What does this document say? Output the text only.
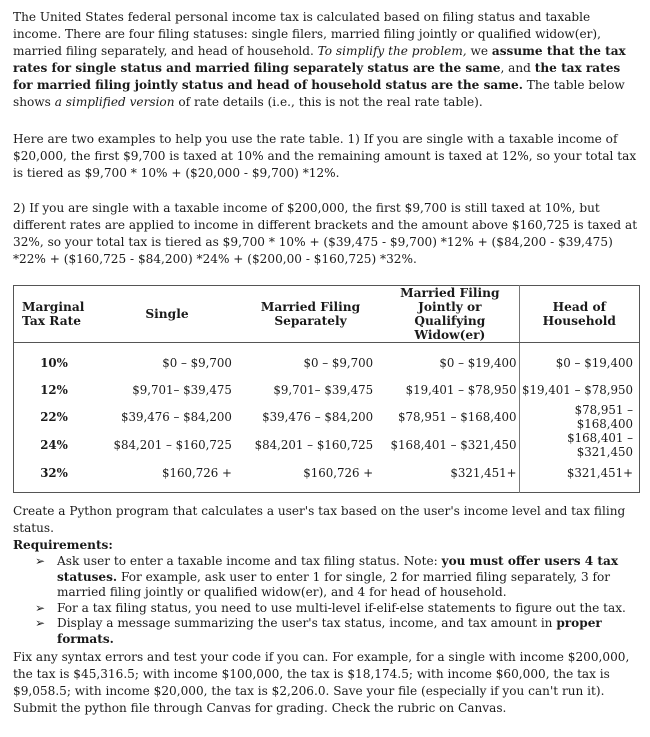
The United States federal personal income tax is calculated based on filing status and taxable income. There are four filing statuses: single filers, married filing jointly or qualified widow(er), married filing separately, and head of household. To simplify the problem, we assume that the tax rates for single status and married filing separately status are the same, and the tax rates for married filing jointly status and head of household status are the same. The table below shows a simplified version of rate details (i.e., this is not the real rate table).

Here are two examples to help you use the rate table. 1) If you are single with a taxable income of $20,000, the first $9,700 is taxed at 10% and the remaining amount is taxed at 12%, so your total tax is tiered as $9,700 * 10% + ($20,000 - $9,700) *12%.

2) If you are single with a taxable income of $200,000, the first $9,700 is still taxed at 10%, but different rates are applied to income in different brackets and the amount above $160,725 is taxed at 32%, so your total tax is tiered as $9,700 * 10% + ($39,475 - $9,700) *12% + ($84,200 - $39,475) *22% + ($160,725 - $84,200) *24% + ($200,00 - $160,725) *32%.

Marginal Tax Rate	Single	Married Filing Separately	Married Filing Jointly or Qualifying Widow(er)	Head of Household

10%	$0 – $9,700	$0 – $9,700	$0 – $19,400	$0 – $19,400
12%	$9,701– $39,475	$9,701– $39,475	$19,401 – $78,950	$19,401 – $78,950
22%	$39,476 – $84,200	$39,476 – $84,200	$78,951 – $168,400	$78,951 – $168,400
24%	$84,201 – $160,725	$84,201 – $160,725	$168,401 – $321,450	$168,401 – $321,450
32%	$160,726 +	$160,726 +	$321,451+	$321,451+

Create a Python program that calculates a user's tax based on the user's income level and tax filing status.

Requirements:

➢ Ask user to enter a taxable income and tax filing status. Note: you must offer users 4 tax statuses. For example, ask user to enter 1 for single, 2 for married filing separately, 3 for married filing jointly or qualified widow(er), and 4 for head of household.
➢ For a tax filing status, you need to use multi-level if-elif-else statements to figure out the tax.
➢ Display a message summarizing the user's tax status, income, and tax amount in proper formats.

Fix any syntax errors and test your code if you can. For example, for a single with income $200,000, the tax is $45,316.5; with income $100,000, the tax is $18,174.5; with income $60,000, the tax is $9,058.5; with income $20,000, the tax is $2,206.0. Save your file (especially if you can't run it). Submit the python file through Canvas for grading. Check the rubric on Canvas.
